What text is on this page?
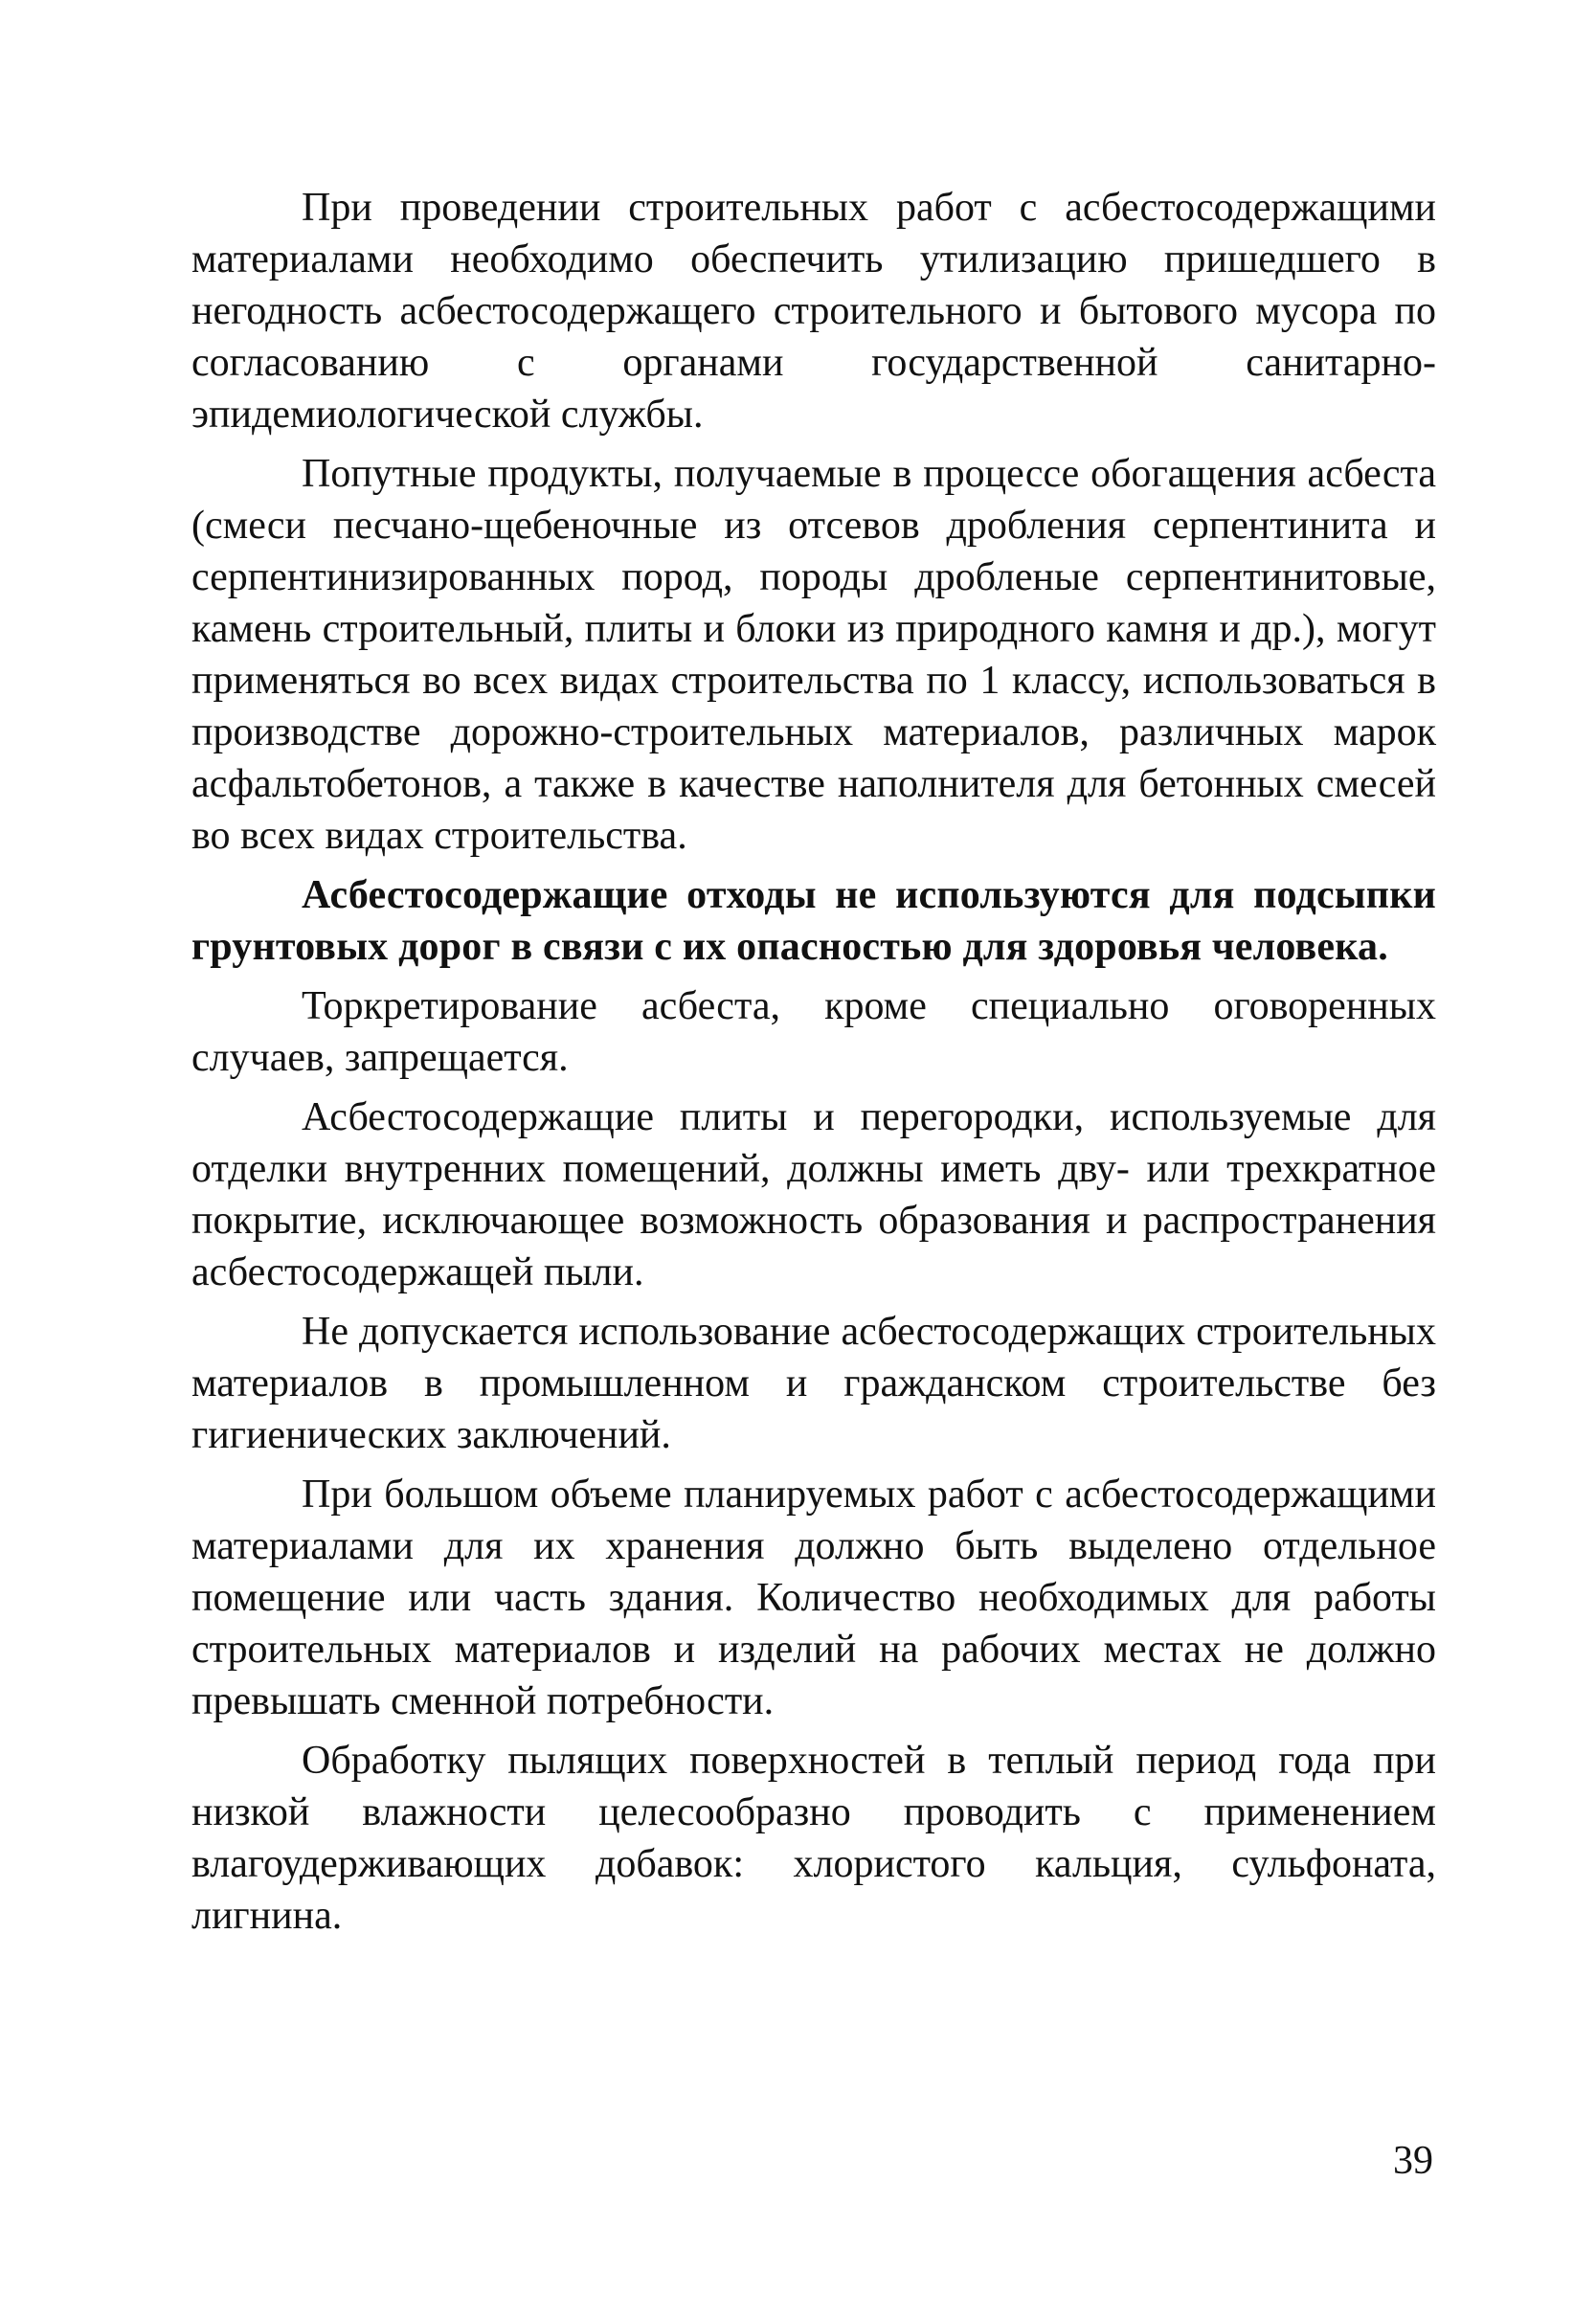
При проведении строительных работ с асбестосодержащими материалами необходимо обеспечить утилизацию пришедшего в негодность асбестосодержащего строительного и бытового мусора по согласованию с органами государственной санитарно-эпидемиологической службы.

Попутные продукты, получаемые в процессе обогащения асбеста (смеси песчано-щебеночные из отсевов дробления серпентинита и серпентинизированных пород, породы дробленые серпентинитовые, камень строительный, плиты и блоки из природного камня и др.), могут применяться во всех видах строительства по 1 классу, использоваться в производстве дорожно-строительных материалов, различных марок асфальтобетонов, а также в качестве наполнителя для бетонных смесей во всех видах строительства.

Асбестосодержащие отходы не используются для подсыпки грунтовых дорог в связи с их опасностью для здоровья человека.

Торкретирование асбеста, кроме специально оговоренных случаев, запрещается.

Асбестосодержащие плиты и перегородки, используемые для отделки внутренних помещений, должны иметь дву- или трехкратное покрытие, исключающее возможность образования и распространения асбестосодержащей пыли.

Не допускается использование асбестосодержащих строительных материалов в промышленном и гражданском строительстве без гигиенических заключений.

При большом объеме планируемых работ с асбестосодержащими материалами для их хранения должно быть выделено отдельное помещение или часть здания. Количество необходимых для работы строительных материалов и изделий на рабочих местах не должно превышать сменной потребности.

Обработку пылящих поверхностей в теплый период года при низкой влажности целесообразно проводить с применением влагоудерживающих добавок: хлористого кальция, сульфоната, лигнина.

39
